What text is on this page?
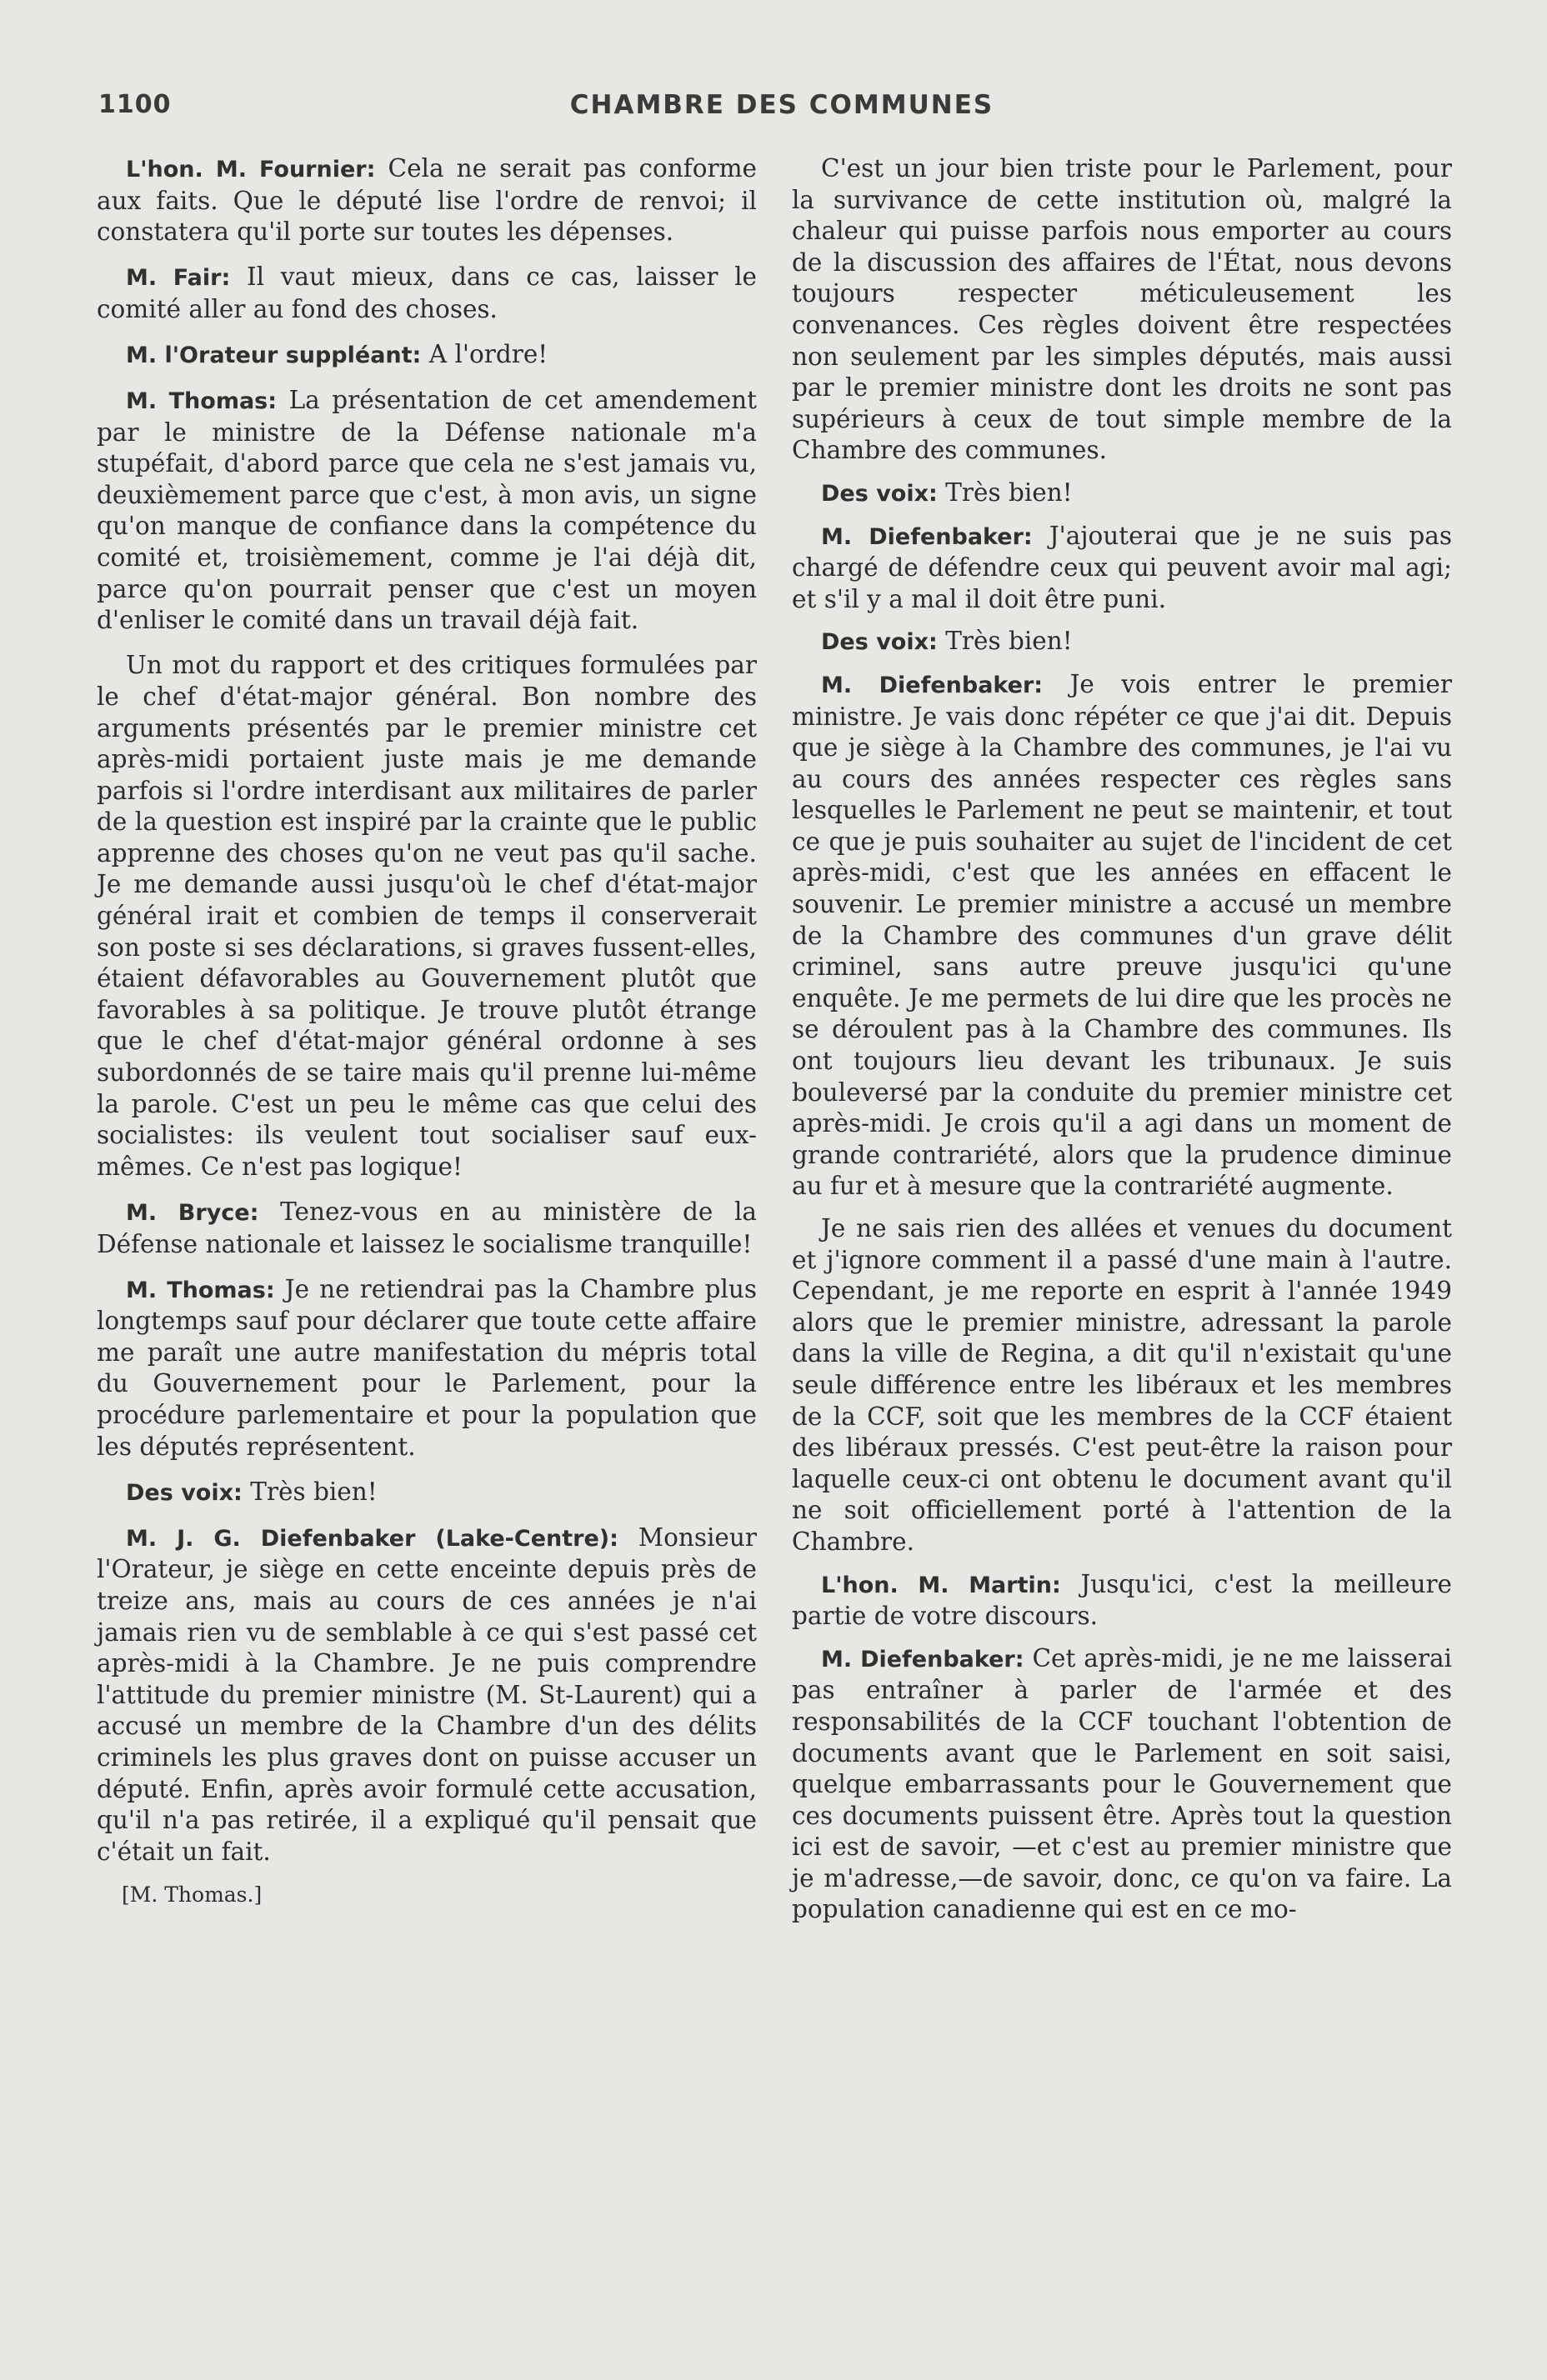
1100	CHAMBRE DES COMMUNES

L'hon. M. Fournier: Cela ne serait pas conforme aux faits. Que le député lise l'ordre de renvoi; il constatera qu'il porte sur toutes les dépenses.

M. Fair: Il vaut mieux, dans ce cas, laisser le comité aller au fond des choses.

M. l'Orateur suppléant: A l'ordre!

M. Thomas: La présentation de cet amendement par le ministre de la Défense nationale m'a stupéfait, d'abord parce que cela ne s'est jamais vu, deuxièmement parce que c'est, à mon avis, un signe qu'on manque de confiance dans la compétence du comité et, troisièmement, comme je l'ai déjà dit, parce qu'on pourrait penser que c'est un moyen d'enliser le comité dans un travail déjà fait.

Un mot du rapport et des critiques formulées par le chef d'état-major général. Bon nombre des arguments présentés par le premier ministre cet après-midi portaient juste mais je me demande parfois si l'ordre interdisant aux militaires de parler de la question est inspiré par la crainte que le public apprenne des choses qu'on ne veut pas qu'il sache. Je me demande aussi jusqu'où le chef d'état-major général irait et combien de temps il conserverait son poste si ses déclarations, si graves fussent-elles, étaient défavorables au Gouvernement plutôt que favorables à sa politique. Je trouve plutôt étrange que le chef d'état-major général ordonne à ses subordonnés de se taire mais qu'il prenne lui-même la parole. C'est un peu le même cas que celui des socialistes: ils veulent tout socialiser sauf eux-mêmes. Ce n'est pas logique!

M. Bryce: Tenez-vous en au ministère de la Défense nationale et laissez le socialisme tranquille!

M. Thomas: Je ne retiendrai pas la Chambre plus longtemps sauf pour déclarer que toute cette affaire me paraît une autre manifestation du mépris total du Gouvernement pour le Parlement, pour la procédure parlementaire et pour la population que les députés représentent.

Des voix: Très bien!

M. J. G. Diefenbaker (Lake-Centre): Monsieur l'Orateur, je siège en cette enceinte depuis près de treize ans, mais au cours de ces années je n'ai jamais rien vu de semblable à ce qui s'est passé cet après-midi à la Chambre. Je ne puis comprendre l'attitude du premier ministre (M. St-Laurent) qui a accusé un membre de la Chambre d'un des délits criminels les plus graves dont on puisse accuser un député. Enfin, après avoir formulé cette accusation, qu'il n'a pas retirée, il a expliqué qu'il pensait que c'était un fait.

[M. Thomas.]

C'est un jour bien triste pour le Parlement, pour la survivance de cette institution où, malgré la chaleur qui puisse parfois nous emporter au cours de la discussion des affaires de l'État, nous devons toujours respecter méticuleusement les convenances. Ces règles doivent être respectées non seulement par les simples députés, mais aussi par le premier ministre dont les droits ne sont pas supérieurs à ceux de tout simple membre de la Chambre des communes.

Des voix: Très bien!

M. Diefenbaker: J'ajouterai que je ne suis pas chargé de défendre ceux qui peuvent avoir mal agi; et s'il y a mal il doit être puni.

Des voix: Très bien!

M. Diefenbaker: Je vois entrer le premier ministre. Je vais donc répéter ce que j'ai dit. Depuis que je siège à la Chambre des communes, je l'ai vu au cours des années respecter ces règles sans lesquelles le Parlement ne peut se maintenir, et tout ce que je puis souhaiter au sujet de l'incident de cet après-midi, c'est que les années en effacent le souvenir. Le premier ministre a accusé un membre de la Chambre des communes d'un grave délit criminel, sans autre preuve jusqu'ici qu'une enquête. Je me permets de lui dire que les procès ne se déroulent pas à la Chambre des communes. Ils ont toujours lieu devant les tribunaux. Je suis bouleversé par la conduite du premier ministre cet après-midi. Je crois qu'il a agi dans un moment de grande contrariété, alors que la prudence diminue au fur et à mesure que la contrariété augmente.

Je ne sais rien des allées et venues du document et j'ignore comment il a passé d'une main à l'autre. Cependant, je me reporte en esprit à l'année 1949 alors que le premier ministre, adressant la parole dans la ville de Regina, a dit qu'il n'existait qu'une seule différence entre les libéraux et les membres de la CCF, soit que les membres de la CCF étaient des libéraux pressés. C'est peut-être la raison pour laquelle ceux-ci ont obtenu le document avant qu'il ne soit officiellement porté à l'attention de la Chambre.

L'hon. M. Martin: Jusqu'ici, c'est la meilleure partie de votre discours.

M. Diefenbaker: Cet après-midi, je ne me laisserai pas entraîner à parler de l'armée et des responsabilités de la CCF touchant l'obtention de documents avant que le Parlement en soit saisi, quelque embarrassants pour le Gouvernement que ces documents puissent être. Après tout la question ici est de savoir, —et c'est au premier ministre que je m'adresse,—de savoir, donc, ce qu'on va faire. La population canadienne qui est en ce mo-
